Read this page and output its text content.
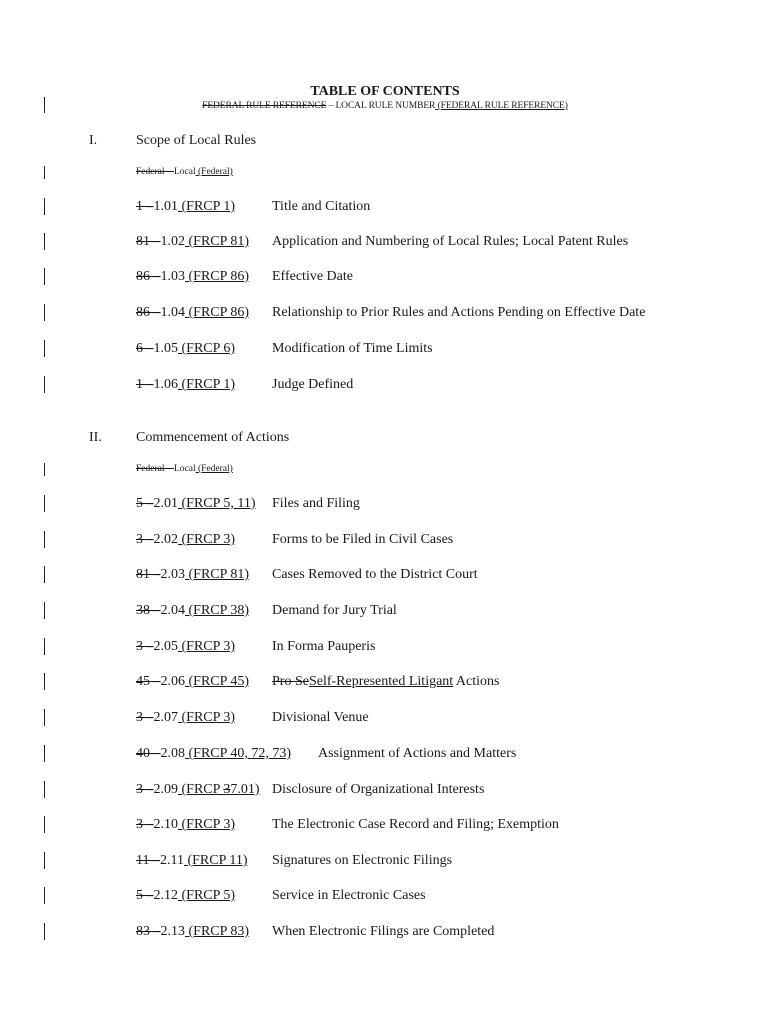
TABLE OF CONTENTS
FEDERAL RULE REFERENCE – LOCAL RULE NUMBER (FEDERAL RULE REFERENCE)
I.	Scope of Local Rules
Federal – Local (Federal)
1 –1.01 (FRCP 1)	Title and Citation
81 –1.02 (FRCP 81) Application and Numbering of Local Rules; Local Patent Rules
86 –1.03 (FRCP 86) Effective Date
86 –1.04 (FRCP 86) Relationship to Prior Rules and Actions Pending on Effective Date
6 –1.05 (FRCP 6)	Modification of Time Limits
1 –1.06 (FRCP 1)	Judge Defined
II. Commencement of Actions
Federal – Local (Federal)
5 –2.01 (FRCP 5, 11) Files and Filing
3 –2.02 (FRCP 3)	Forms to be Filed in Civil Cases
81 –2.03 (FRCP 81) Cases Removed to the District Court
38 –2.04 (FRCP 38) Demand for Jury Trial
3 –2.05 (FRCP 3)	In Forma Pauperis
45 –2.06 (FRCP 45) Pro SeSelf-Represented Litigant Actions
3 –2.07 (FRCP 3)	Divisional Venue
40 –2.08 (FRCP 40, 72, 73) Assignment of Actions and Matters
3 –2.09 (FRCP 37.01) Disclosure of Organizational Interests
3 –2.10 (FRCP 3)	The Electronic Case Record and Filing; Exemption
11 –2.11 (FRCP 11) Signatures on Electronic Filings
5 –2.12 (FRCP 5)	Service in Electronic Cases
83 –2.13 (FRCP 83) When Electronic Filings are Completed
